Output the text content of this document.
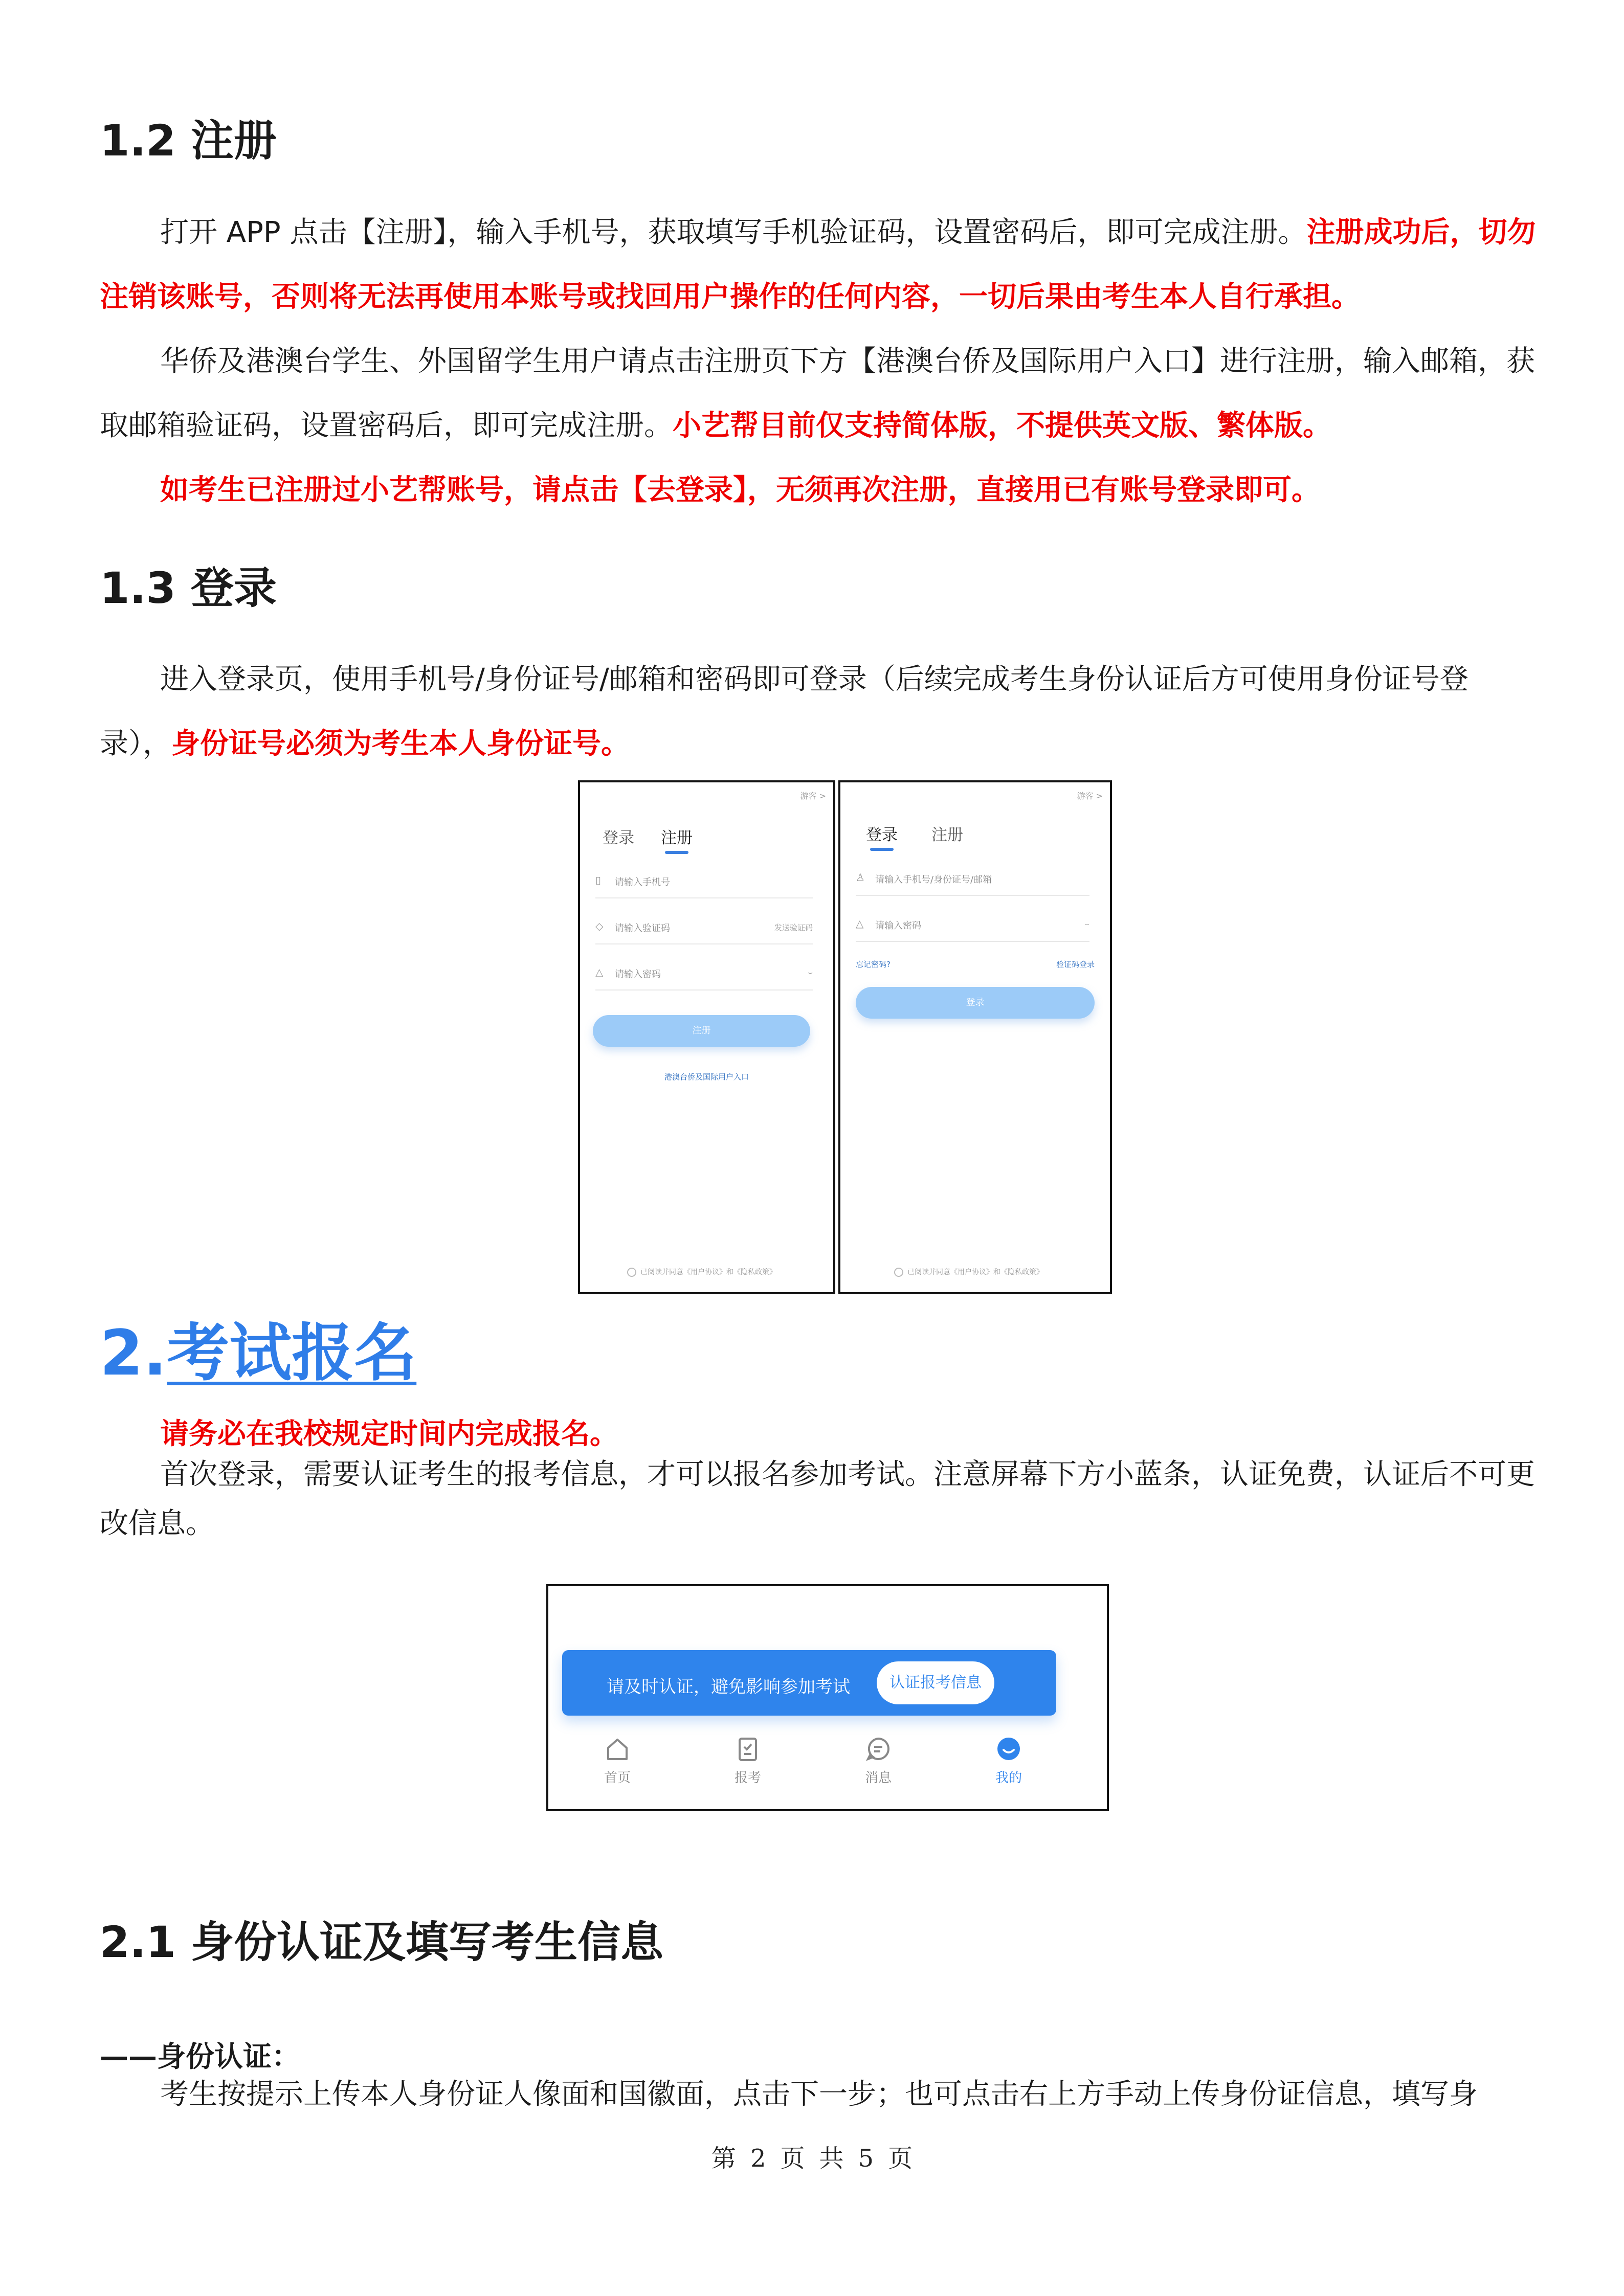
1.2 注册

打开 APP 点击【注册】，输入手机号，获取填写手机验证码，设置密码后，即可完成注册。注册成功后，切勿注销该账号，否则将无法再使用本账号或找回用户操作的任何内容，一切后果由考生本人自行承担。

华侨及港澳台学生、外国留学生用户请点击注册页下方【港澳台侨及国际用户入口】进行注册，输入邮箱，获取邮箱验证码，设置密码后，即可完成注册。小艺帮目前仅支持简体版，不提供英文版、繁体版。

如考生已注册过小艺帮账号，请点击【去登录】，无须再次注册，直接用已有账号登录即可。

1.3 登录

进入登录页，使用手机号/身份证号/邮箱和密码即可登录（后续完成考生身份认证后方可使用身份证号登录），身份证号必须为考生本人身份证号。

游客 >
登录 注册
▯ 请输入手机号
◇ 请输入验证码	发送验证码
△ 请输入密码	⌣
注册
港澳台侨及国际用户入口
已阅读并同意《用户协议》和《隐私政策》
游客 >
登录 注册
♙ 请输入手机号/身份证号/邮箱
△ 请输入密码	⌣
忘记密码?	验证码登录
登录
已阅读并同意《用户协议》和《隐私政策》
2.考试报名

请务必在我校规定时间内完成报名。

首次登录，需要认证考生的报考信息，才可以报名参加考试。注意屏幕下方小蓝条，认证免费，认证后不可更改信息。

请及时认证，避免影响参加考试	认证报考信息
首页	报考	消息	我的
2.1 身份认证及填写考生信息

——身份认证：

考生按提示上传本人身份证人像面和国徽面，点击下一步；也可点击右上方手动上传身份证信息，填写身

第 2 页 共 5 页
